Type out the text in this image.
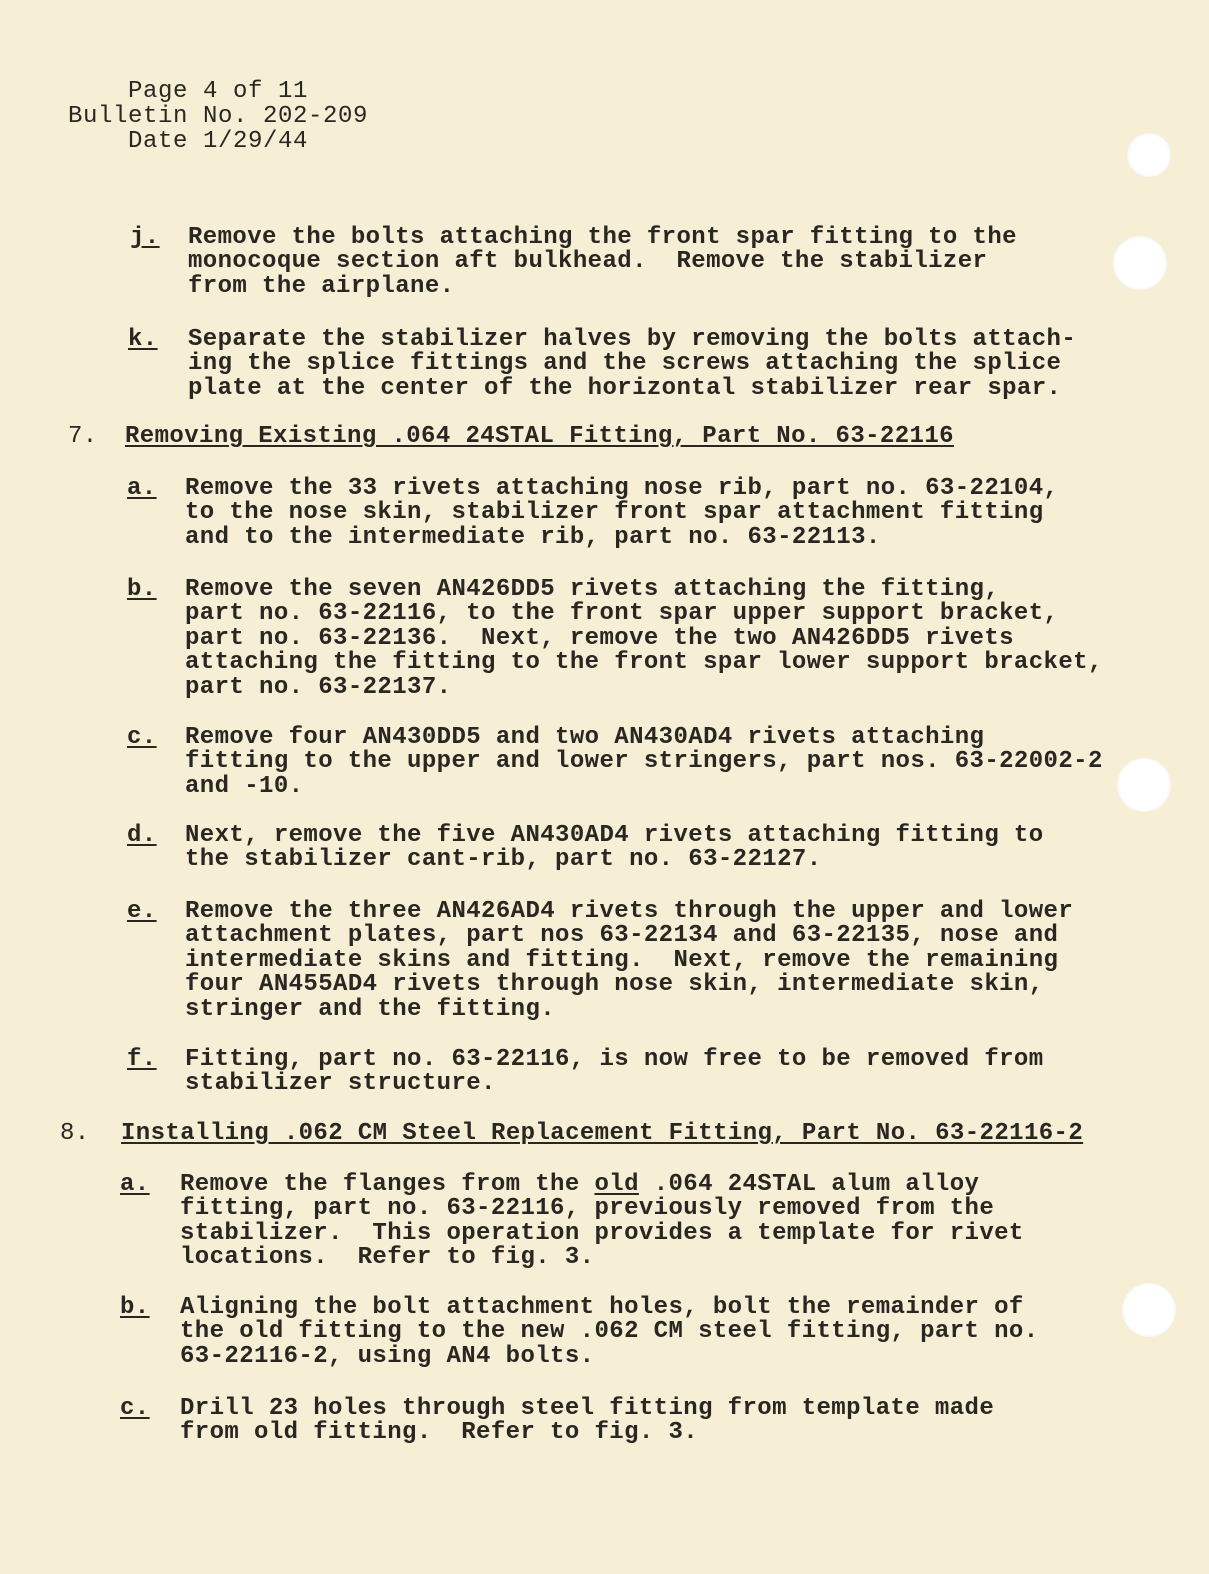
Page 4 of 11
Bulletin No. 202-209
Date 1/29/44
j. Remove the bolts attaching the front spar fitting to the
monocoque section aft bulkhead.  Remove the stabilizer
from the airplane.
k. Separate the stabilizer halves by removing the bolts attach-
ing the splice fittings and the screws attaching the splice
plate at the center of the horizontal stabilizer rear spar.
7. Removing Existing .064 24STAL Fitting, Part No. 63-22116
a. Remove the 33 rivets attaching nose rib, part no. 63-22104,
to the nose skin, stabilizer front spar attachment fitting
and to the intermediate rib, part no. 63-22113.
b. Remove the seven AN426DD5 rivets attaching the fitting,
part no. 63-22116, to the front spar upper support bracket,
part no. 63-22136.  Next, remove the two AN426DD5 rivets
attaching the fitting to the front spar lower support bracket,
part no. 63-22137.
c. Remove four AN430DD5 and two AN430AD4 rivets attaching
fitting to the upper and lower stringers, part nos. 63-22002-2
and -10.
d. Next, remove the five AN430AD4 rivets attaching fitting to
the stabilizer cant-rib, part no. 63-22127.
e. Remove the three AN426AD4 rivets through the upper and lower
attachment plates, part nos 63-22134 and 63-22135, nose and
intermediate skins and fitting.  Next, remove the remaining
four AN455AD4 rivets through nose skin, intermediate skin,
stringer and the fitting.
f. Fitting, part no. 63-22116, is now free to be removed from
stabilizer structure.
8. Installing .062 CM Steel Replacement Fitting, Part No. 63-22116-2
a. Remove the flanges from the old .064 24STAL alum alloy
fitting, part no. 63-22116, previously removed from the
stabilizer.  This operation provides a template for rivet
locations.  Refer to fig. 3.
b. Aligning the bolt attachment holes, bolt the remainder of
the old fitting to the new .062 CM steel fitting, part no.
63-22116-2, using AN4 bolts.
c. Drill 23 holes through steel fitting from template made
from old fitting.  Refer to fig. 3.
